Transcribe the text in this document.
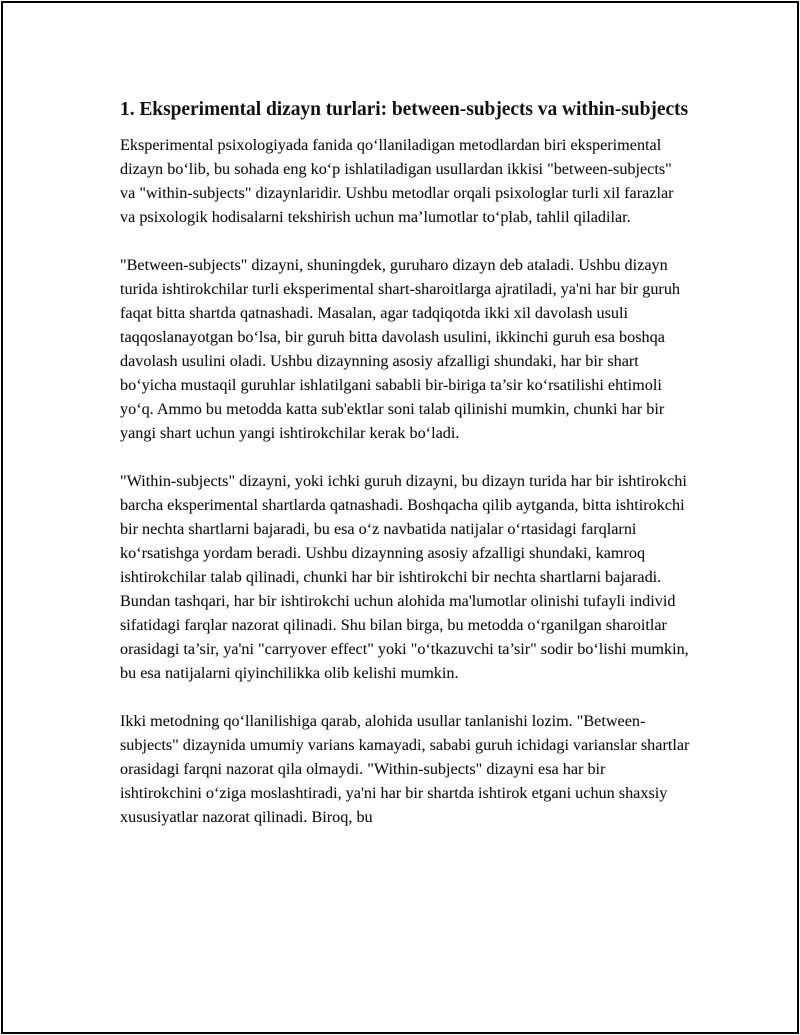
1. Eksperimental dizayn turlari: between-subjects va within-subjects

Eksperimental psixologiyada fanida qo‘llaniladigan metodlardan biri eksperimental dizayn bo‘lib, bu sohada eng ko‘p ishlatiladigan usullardan ikkisi "between-subjects" va "within-subjects" dizaynlaridir. Ushbu metodlar orqali psixologlar turli xil farazlar va psixologik hodisalarni tekshirish uchun ma’lumotlar to‘plab, tahlil qiladilar.

"Between-subjects" dizayni, shuningdek, guruharo dizayn deb ataladi. Ushbu dizayn turida ishtirokchilar turli eksperimental shart-sharoitlarga ajratiladi, ya'ni har bir guruh faqat bitta shartda qatnashadi. Masalan, agar tadqiqotda ikki xil davolash usuli taqqoslanayotgan bo‘lsa, bir guruh bitta davolash usulini, ikkinchi guruh esa boshqa davolash usulini oladi. Ushbu dizaynning asosiy afzalligi shundaki, har bir shart bo‘yicha mustaqil guruhlar ishlatilgani sababli bir-biriga ta’sir ko‘rsatilishi ehtimoli yo‘q. Ammo bu metodda katta sub'ektlar soni talab qilinishi mumkin, chunki har bir yangi shart uchun yangi ishtirokchilar kerak bo‘ladi.

"Within-subjects" dizayni, yoki ichki guruh dizayni, bu dizayn turida har bir ishtirokchi barcha eksperimental shartlarda qatnashadi. Boshqacha qilib aytganda, bitta ishtirokchi bir nechta shartlarni bajaradi, bu esa o‘z navbatida natijalar o‘rtasidagi farqlarni ko‘rsatishga yordam beradi. Ushbu dizaynning asosiy afzalligi shundaki, kamroq ishtirokchilar talab qilinadi, chunki har bir ishtirokchi bir nechta shartlarni bajaradi. Bundan tashqari, har bir ishtirokchi uchun alohida ma'lumotlar olinishi tufayli individ sifatidagi farqlar nazorat qilinadi. Shu bilan birga, bu metodda o‘rganilgan sharoitlar orasidagi ta’sir, ya'ni "carryover effect" yoki "o‘tkazuvchi ta’sir" sodir bo‘lishi mumkin, bu esa natijalarni qiyinchilikka olib kelishi mumkin.

Ikki metodning qo‘llanilishiga qarab, alohida usullar tanlanishi lozim. "Between-subjects" dizaynida umumiy varians kamayadi, sababi guruh ichidagi varianslar shartlar orasidagi farqni nazorat qila olmaydi. "Within-subjects" dizayni esa har bir ishtirokchini o‘ziga moslashtiradi, ya'ni har bir shartda ishtirok etgani uchun shaxsiy xususiyatlar nazorat qilinadi. Biroq, bu
